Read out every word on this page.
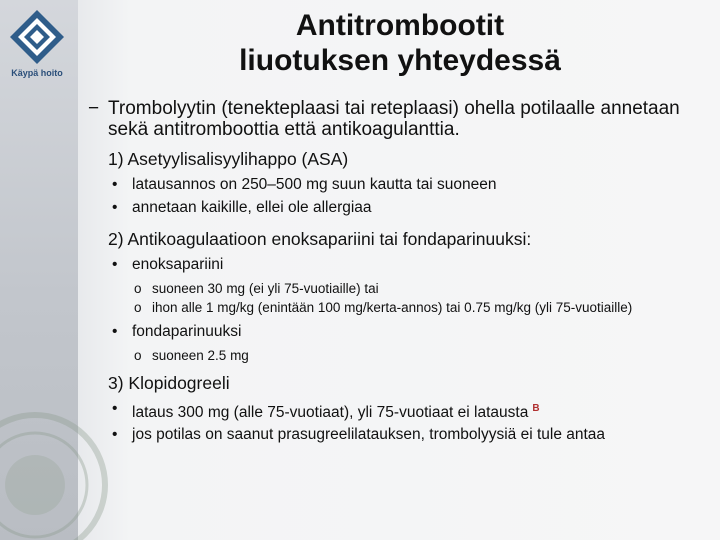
Käypä hoito
Antitrombootit
liuotuksen yhteydessä
− Trombolyytin (tenekteplaasi tai reteplaasi) ohella potilaalle annetaan sekä antitromboottia että antikoagulanttia.
1) Asetyylisalisyylihappo (ASA)
• latausannos on 250–500 mg suun kautta tai suoneen
• annetaan kaikille, ellei ole allergiaa
2) Antikoagulaatioon enoksapariini tai fondaparinuuksi:
• enoksapariini
o suoneen 30 mg (ei yli 75-vuotiaille) tai
o ihon alle 1 mg/kg (enintään 100 mg/kerta-annos) tai 0.75 mg/kg (yli 75-vuotiaille)
• fondaparinuuksi
o suoneen 2.5 mg
3) Klopidogreeli
• lataus 300 mg (alle 75-vuotiaat), yli 75-vuotiaat ei latausta $^B$
• jos potilas on saanut prasugreelilatauksen, trombolyysiä ei tule antaa
